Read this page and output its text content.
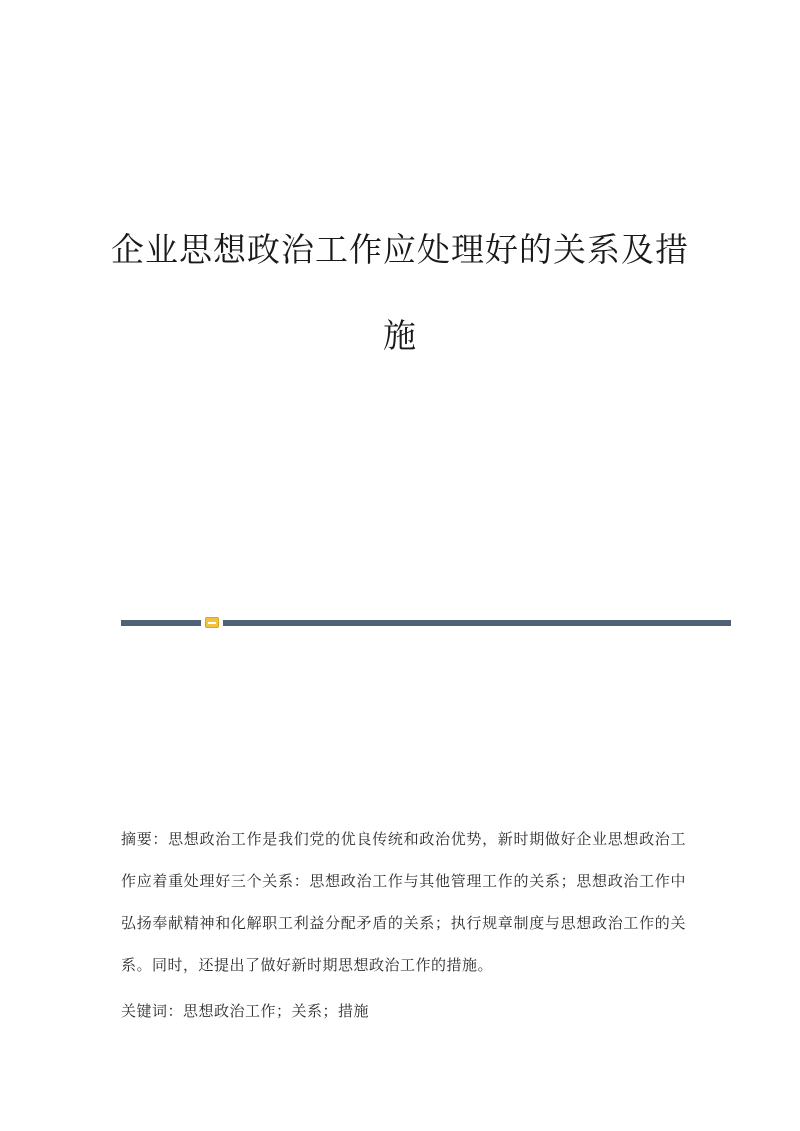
企业思想政治工作应处理好的关系及措
施
摘要：思想政治工作是我们党的优良传统和政治优势，新时期做好企业思想政治工作应着重处理好三个关系：思想政治工作与其他管理工作的关系；思想政治工作中弘扬奉献精神和化解职工利益分配矛盾的关系；执行规章制度与思想政治工作的关系。同时，还提出了做好新时期思想政治工作的措施。
关键词：思想政治工作；关系；措施
